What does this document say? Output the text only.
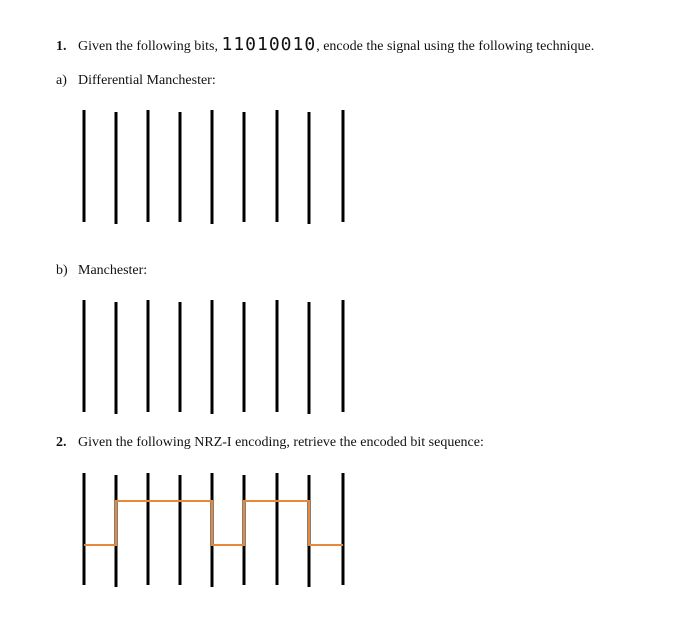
1. Given the following bits, 11010010, encode the signal using the following technique.
a) Differential Manchester:
b) Manchester:
2. Given the following NRZ-I encoding, retrieve the encoded bit sequence:
